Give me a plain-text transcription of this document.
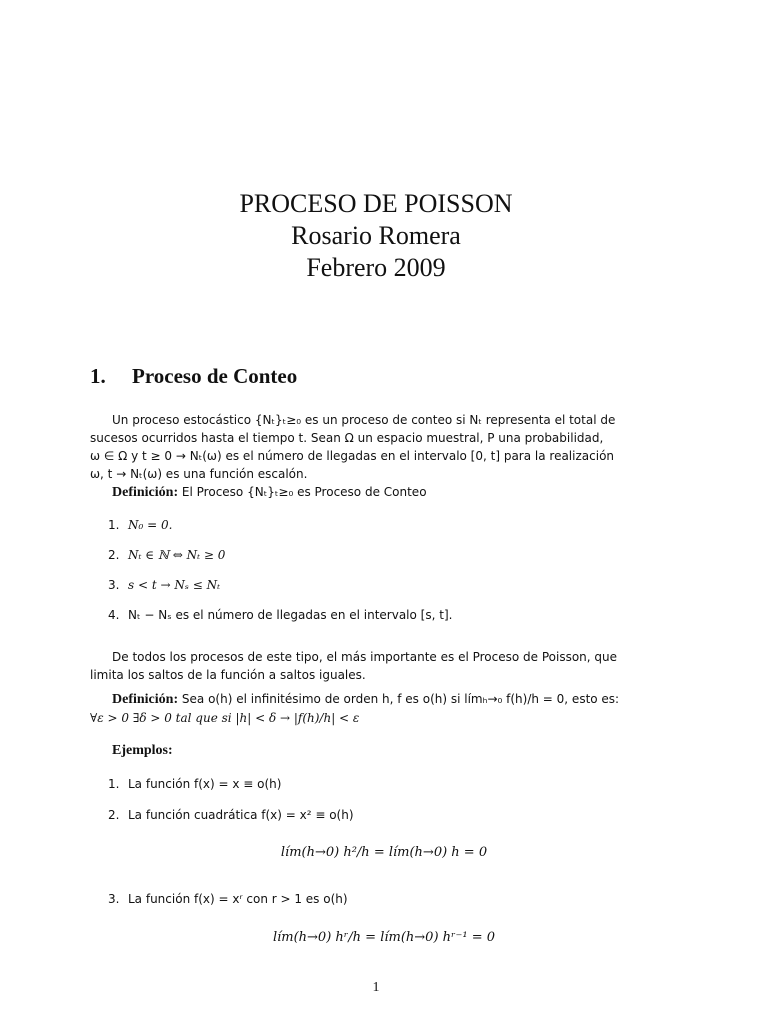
PROCESO DE POISSON
Rosario Romera
Febrero 2009
1. Proceso de Conteo
Un proceso estocástico {Nₜ}ₜ≥₀ es un proceso de conteo si Nₜ representa el total de
sucesos ocurridos hasta el tiempo t. Sean Ω un espacio muestral, P una probabilidad,
ω ∈ Ω y t ≥ 0 → Nₜ(ω) es el número de llegadas en el intervalo [0, t] para la realización
ω, t → Nₜ(ω) es una función escalón.
Definición: El Proceso {Nₜ}ₜ≥₀ es Proceso de Conteo
1. N₀ = 0.
2. Nₜ ∈ ℕ ⇔ Nₜ ≥ 0
3. s < t → Nₛ ≤ Nₜ
4. Nₜ − Nₛ es el número de llegadas en el intervalo [s, t].
De todos los procesos de este tipo, el más importante es el Proceso de Poisson, que
limita los saltos de la función a saltos iguales.
Definición: Sea o(h) el infinitésimo de orden h, f es o(h) si límₕ→₀ f(h)/h = 0, esto es:
∀ε > 0 ∃δ > 0 tal que si |h| < δ → |f(h)/h| < ε
Ejemplos:
1. La función f(x) = x ≡ o(h)
2. La función cuadrática f(x) = x² ≡ o(h)
lím(h→0) h²/h = lím(h→0) h = 0
3. La función f(x) = xʳ con r > 1 es o(h)
lím(h→0) hʳ/h = lím(h→0) hʳ⁻¹ = 0
1
